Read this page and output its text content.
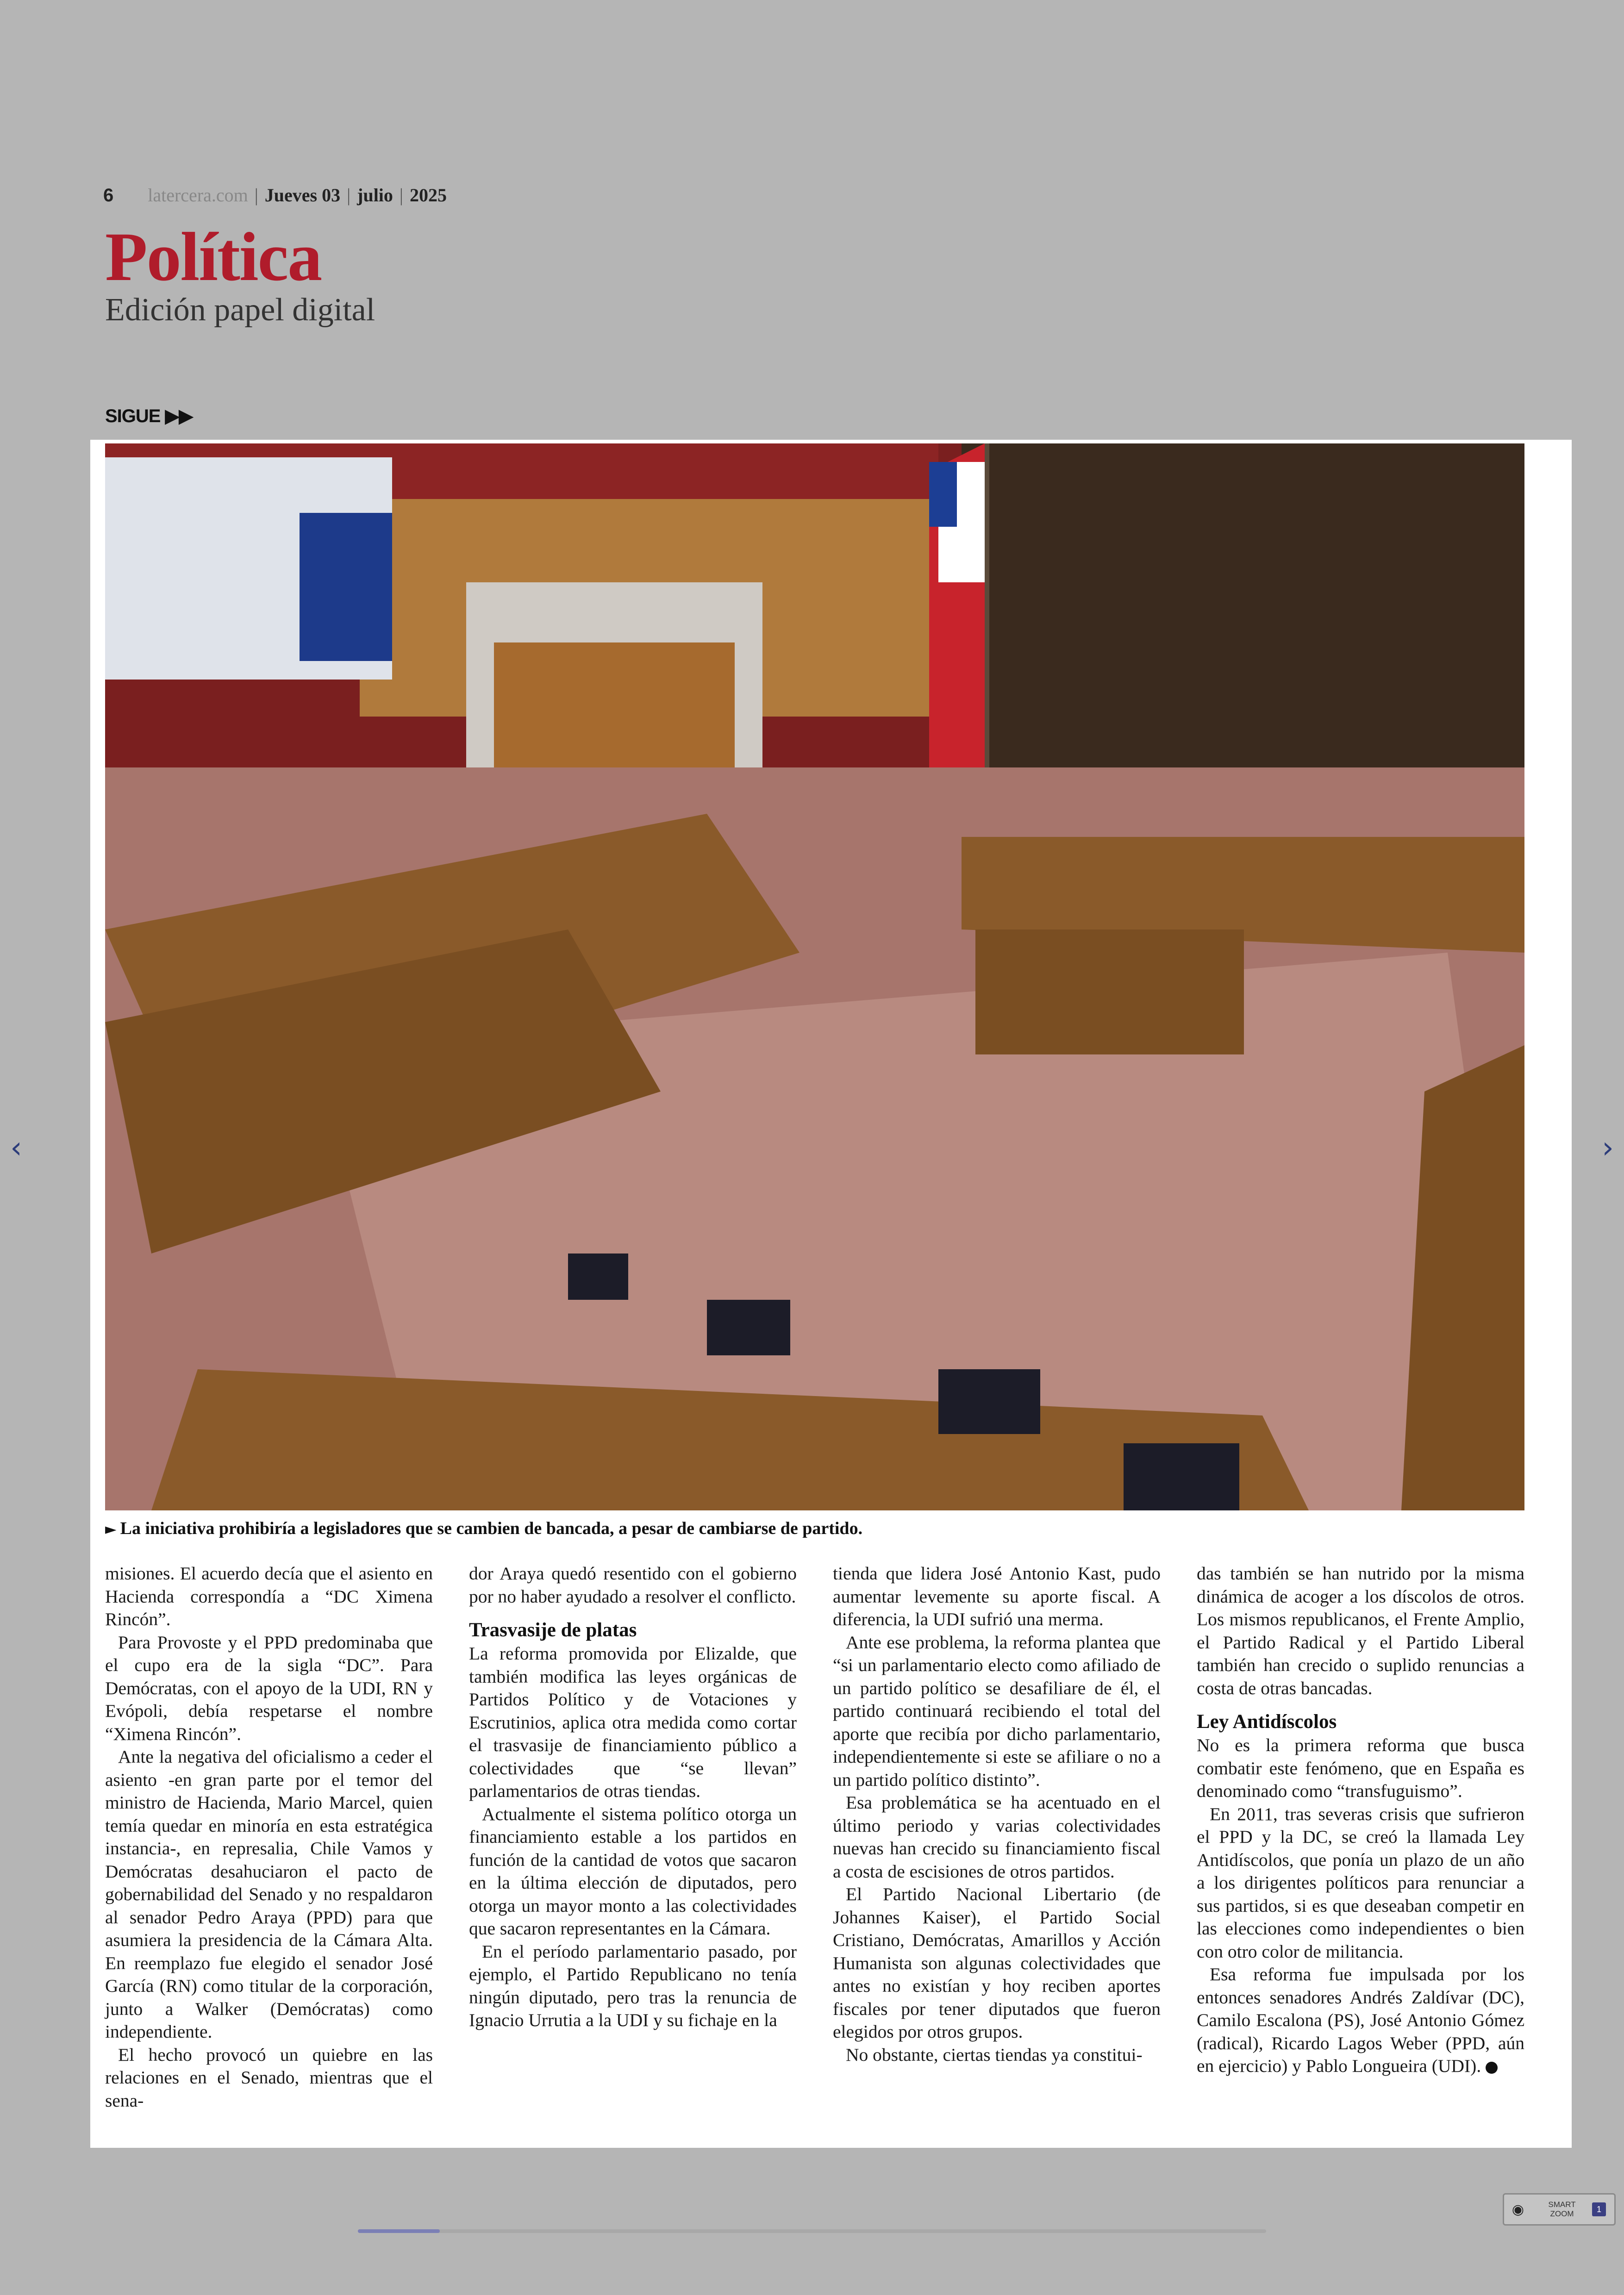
6 latercera.com | Jueves 03 | julio | 2025
Política
Edición papel digital
SIGUE ▶▶
► La iniciativa prohibiría a legisladores que se cambien de bancada, a pesar de cambiarse de partido.

misiones. El acuerdo decía que el asiento en Hacienda correspondía a “DC Ximena Rincón”.

Para Provoste y el PPD predominaba que el cupo era de la sigla “DC”. Para Demócratas, con el apoyo de la UDI, RN y Evópoli, debía respetarse el nombre “Ximena Rincón”.

Ante la negativa del oficialismo a ceder el asiento -en gran parte por el temor del ministro de Hacienda, Mario Marcel, quien temía quedar en minoría en esta estratégica instancia-, en represalia, Chile Vamos y Demócratas desahuciaron el pacto de gobernabilidad del Senado y no respaldaron al senador Pedro Araya (PPD) para que asumiera la presidencia de la Cámara Alta. En reemplazo fue elegido el senador José García (RN) como titular de la corporación, junto a Walker (Demócratas) como independiente.

El hecho provocó un quiebre en las relaciones en el Senado, mientras que el sena-

dor Araya quedó resentido con el gobierno por no haber ayudado a resolver el conflicto.

Trasvasije de platas

La reforma promovida por Elizalde, que también modifica las leyes orgánicas de Partidos Político y de Votaciones y Escrutinios, aplica otra medida como cortar el trasvasije de financiamiento público a colectividades que “se llevan” parlamentarios de otras tiendas.

Actualmente el sistema político otorga un financiamiento estable a los partidos en función de la cantidad de votos que sacaron en la última elección de diputados, pero otorga un mayor monto a las colectividades que sacaron representantes en la Cámara.

En el período parlamentario pasado, por ejemplo, el Partido Republicano no tenía ningún diputado, pero tras la renuncia de Ignacio Urrutia a la UDI y su fichaje en la

tienda que lidera José Antonio Kast, pudo aumentar levemente su aporte fiscal. A diferencia, la UDI sufrió una merma.

Ante ese problema, la reforma plantea que “si un parlamentario electo como afiliado de un partido político se desafiliare de él, el partido continuará recibiendo el total del aporte que recibía por dicho parlamentario, independientemente si este se afiliare o no a un partido político distinto”.

Esa problemática se ha acentuado en el último periodo y varias colectividades nuevas han crecido su financiamiento fiscal a costa de escisiones de otros partidos.

El Partido Nacional Libertario (de Johannes Kaiser), el Partido Social Cristiano, Demócratas, Amarillos y Acción Humanista son algunas colectividades que antes no existían y hoy reciben aportes fiscales por tener diputados que fueron elegidos por otros grupos.

No obstante, ciertas tiendas ya constitui-

das también se han nutrido por la misma dinámica de acoger a los díscolos de otros. Los mismos republicanos, el Frente Amplio, el Partido Radical y el Partido Liberal también han crecido o suplido renuncias a costa de otras bancadas.

Ley Antidíscolos

No es la primera reforma que busca combatir este fenómeno, que en España es denominado como “transfuguismo”.

En 2011, tras severas crisis que sufrieron el PPD y la DC, se creó la llamada Ley Antidíscolos, que ponía un plazo de un año a los dirigentes políticos para renunciar a sus partidos, si es que deseaban competir en las elecciones como independientes o bien con otro color de militancia.

Esa reforma fue impulsada por los entonces senadores Andrés Zaldívar (DC), Camilo Escalona (PS), José Antonio Gómez (radical), Ricardo Lagos Weber (PPD, aún en ejercicio) y Pablo Longueira (UDI).

‹	›
◉	SMART
ZOOM	1
